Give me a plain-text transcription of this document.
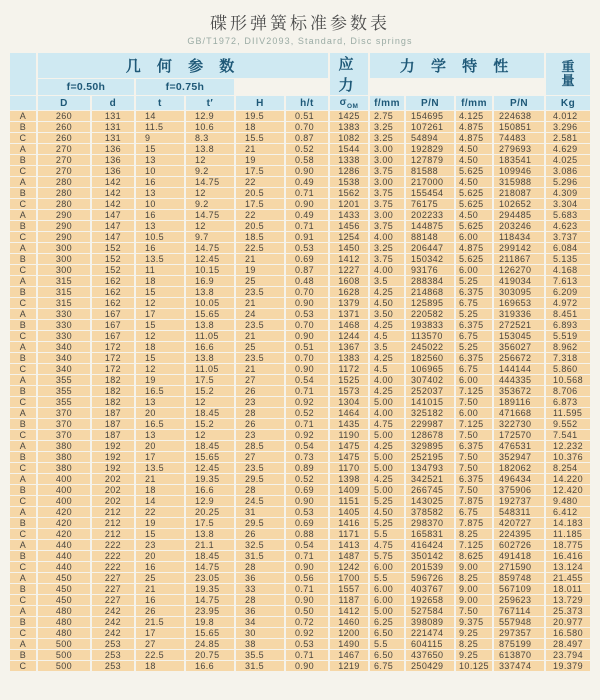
碟形弹簧标准参数表
GB/T1972, DIIV2093, Standard, Disc springs
	几 何 参 数						应 力	力 学 特 性				重
量

	f=0.50h		f=0.75h									
	D	d	t	t′	H	h/t	$\sigma_{OM}$	f/mm	P/N	f/mm	P/N	Kg
A	260	131	14	12.9	19.5	0.51	1425	2.75	154695	4.125	224638	4.012
B	260	131	11.5	10.6	18	0.70	1383	3.25	107261	4.875	150851	3.296
C	260	131	9	8.3	15.5	0.87	1082	3.25	54894	4.875	74483	2.581
A	270	136	15	13.8	21	0.52	1544	3.00	192829	4.50	279693	4.629
B	270	136	13	12	19	0.58	1338	3.00	127879	4.50	183541	4.025
C	270	136	10	9.2	17.5	0.90	1286	3.75	81588	5.625	109946	3.086
A	280	142	16	14.75	22	0.49	1538	3.00	217000	4.50	315988	5.296
B	280	142	13	12	20.5	0.71	1562	3.75	155454	5.625	218087	4.309
C	280	142	10	9.2	17.5	0.90	1201	3.75	76175	5.625	102652	3.304
A	290	147	16	14.75	22	0.49	1433	3.00	202233	4.50	294485	5.683
B	290	147	13	12	20.5	0.71	1456	3.75	144875	5.625	203246	4.623
C	290	147	10.5	9.7	18.5	0.91	1254	4.00	88148	6.00	118434	3.737
A	300	152	16	14.75	22.5	0.53	1450	3.25	206447	4.875	299142	6.084
B	300	152	13.5	12.45	21	0.69	1412	3.75	150342	5.625	211867	5.135
C	300	152	11	10.15	19	0.87	1227	4.00	93176	6.00	126270	4.168
A	315	162	18	16.9	25	0.48	1608	3.5	288384	5.25	419034	7.613
B	315	162	15	13.8	23.5	0.70	1628	4.25	214868	6.375	303095	6.209
C	315	162	12	10.05	21	0.90	1379	4.50	125895	6.75	169653	4.972
A	330	167	17	15.65	24	0.53	1371	3.50	220582	5.25	319336	8.451
B	330	167	15	13.8	23.5	0.70	1468	4.25	193833	6.375	272521	6.893
C	330	167	12	11.05	21	0.90	1244	4.5	113570	6.75	153045	5.519
A	340	172	18	16.6	25	0.51	1367	3.5	245022	5.25	356027	8.962
B	340	172	15	13.8	23.5	0.70	1383	4.25	182560	6.375	256672	7.318
C	340	172	12	11.05	21	0.90	1172	4.5	106965	6.75	144144	5.860
A	355	182	19	17.5	27	0.54	1525	4.00	307402	6.00	444335	10.568
B	355	182	16.5	15.2	26	0.71	1573	4.25	252037	7.125	353672	8.706
C	355	182	13	12	23	0.92	1304	5.00	141015	7.50	189116	6.873
A	370	187	20	18.45	28	0.52	1464	4.00	325182	6.00	471668	11.595
B	370	187	16.5	15.2	26	0.71	1435	4.75	229987	7.125	322730	9.552
C	370	187	13	12	23	0.92	1190	5.00	128678	7.50	172570	7.541
A	380	192	20	18.45	28.5	0.54	1475	4.25	329895	6.375	476531	12.232
B	380	192	17	15.65	27	0.73	1475	5.00	252195	7.50	352947	10.376
C	380	192	13.5	12.45	23.5	0.89	1170	5.00	134793	7.50	182062	8.254
A	400	202	21	19.35	29.5	0.52	1398	4.25	342521	6.375	496434	14.220
B	400	202	18	16.6	28	0.69	1409	5.00	266745	7.50	375906	12.420
C	400	202	14	12.9	24.5	0.90	1151	5.25	143025	7.875	192737	9.480
A	420	212	22	20.25	31	0.53	1405	4.50	378582	6.75	548311	6.412
B	420	212	19	17.5	29.5	0.69	1416	5.25	298370	7.875	420727	14.183
C	420	212	15	13.8	26	0.88	1171	5.5	165831	8.25	224395	11.185
A	440	222	23	21.1	32.5	0.54	1413	4.75	416424	7.125	602726	18.775
B	440	222	20	18.45	31.5	0.71	1487	5.75	350142	8.625	491418	16.416
C	440	222	16	14.75	28	0.90	1242	6.00	201539	9.00	271590	13.124
A	450	227	25	23.05	36	0.56	1700	5.5	596726	8.25	859748	21.455
B	450	227	21	19.35	33	0.71	1557	6.00	403767	9.00	567109	18.011
C	450	227	16	14.75	28	0.90	1187	6.00	192658	9.00	259623	13.729
A	480	242	26	23.95	36	0.50	1412	5.00	527584	7.50	767114	25.373
B	480	242	21.5	19.8	34	0.72	1460	6.25	398089	9.375	557948	20.977
C	480	242	17	15.65	30	0.92	1200	6.50	221474	9.25	297357	16.580
A	500	253	27	24.85	38	0.53	1490	5.5	604115	8.25	875199	28.497
B	500	253	22.5	20.75	35.5	0.71	1467	6.50	437650	9.25	613870	23.794
C	500	253	18	16.6	31.5	0.90	1219	6.75	250429	10.125	337474	19.379
